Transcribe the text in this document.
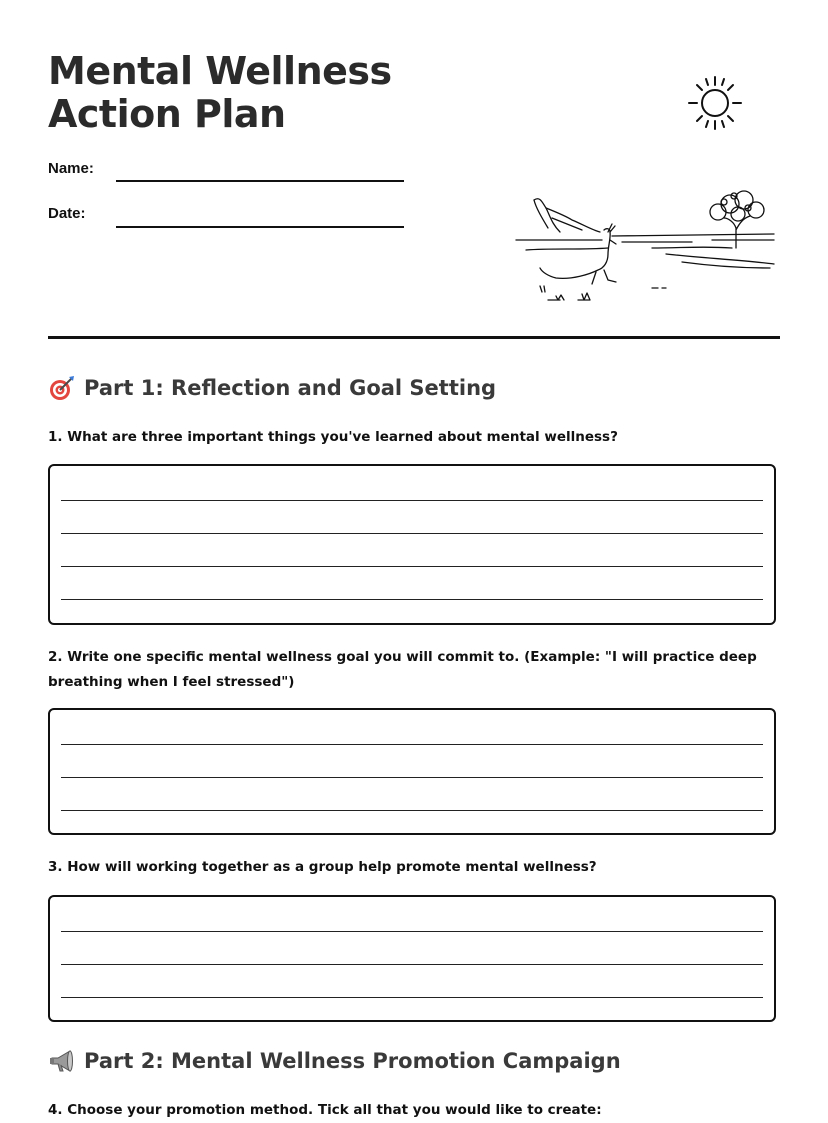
Mental Wellness Action Plan
Name:
Date:
Part 1: Reflection and Goal Setting

1. What are three important things you've learned about mental wellness?

2. Write one specific mental wellness goal you will commit to. (Example: "I will practice deep breathing when I feel stressed")

3. How will working together as a group help promote mental wellness?

Part 2: Mental Wellness Promotion Campaign

4. Choose your promotion method. Tick all that you would like to create:
